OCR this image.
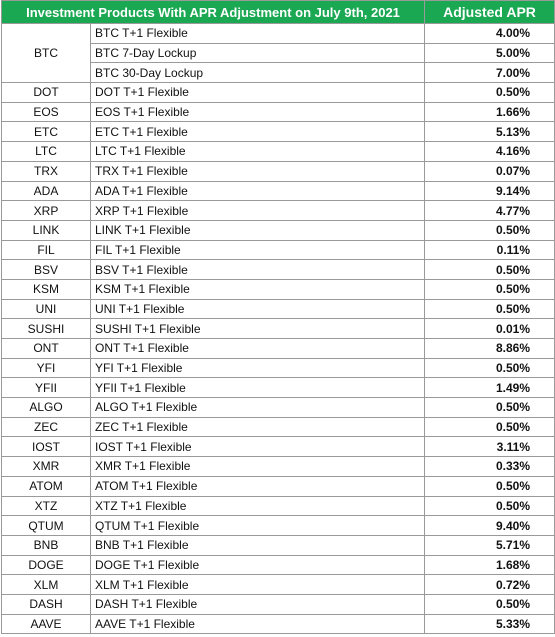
Investment Products With APR Adjustment on July 9th, 2021		Adjusted APR
BTC	BTC T+1 Flexible	4.00%
	BTC 7-Day Lockup	5.00%
	BTC 30-Day Lockup	7.00%
DOT	DOT T+1 Flexible	0.50%
EOS	EOS T+1 Flexible	1.66%
ETC	ETC T+1 Flexible	5.13%
LTC	LTC T+1 Flexible	4.16%
TRX	TRX T+1 Flexible	0.07%
ADA	ADA T+1 Flexible	9.14%
XRP	XRP T+1 Flexible	4.77%
LINK	LINK T+1 Flexible	0.50%
FIL	FIL T+1 Flexible	0.11%
BSV	BSV T+1 Flexible	0.50%
KSM	KSM T+1 Flexible	0.50%
UNI	UNI T+1 Flexible	0.50%
SUSHI	SUSHI T+1 Flexible	0.01%
ONT	ONT T+1 Flexible	8.86%
YFI	YFI T+1 Flexible	0.50%
YFII	YFII T+1 Flexible	1.49%
ALGO	ALGO T+1 Flexible	0.50%
ZEC	ZEC T+1 Flexible	0.50%
IOST	IOST T+1 Flexible	3.11%
XMR	XMR T+1 Flexible	0.33%
ATOM	ATOM T+1 Flexible	0.50%
XTZ	XTZ T+1 Flexible	0.50%
QTUM	QTUM T+1 Flexible	9.40%
BNB	BNB T+1 Flexible	5.71%
DOGE	DOGE T+1 Flexible	1.68%
XLM	XLM T+1 Flexible	0.72%
DASH	DASH T+1 Flexible	0.50%
AAVE	AAVE T+1 Flexible	5.33%
